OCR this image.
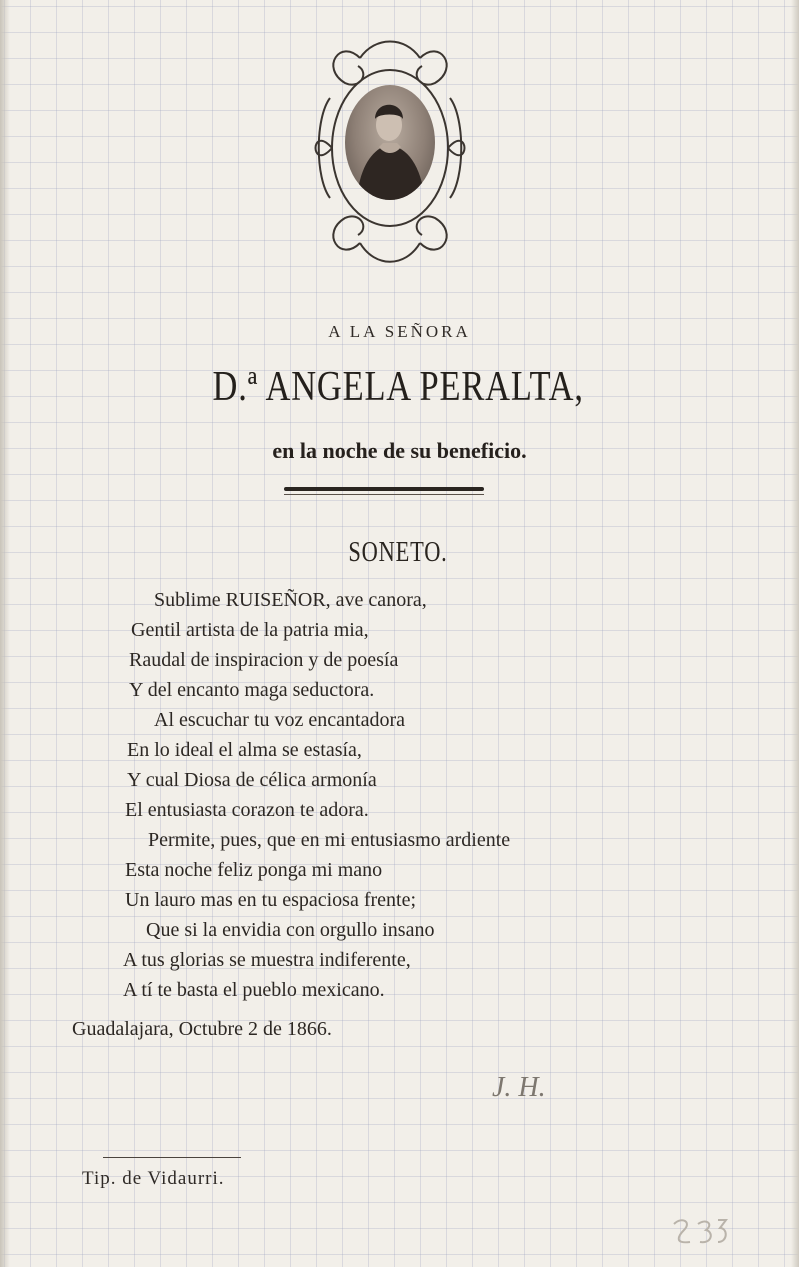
A LA SEÑORA
D.ª ANGELA PERALTA,
en la noche de su beneficio.
SONETO.
Sublime RUISEÑOR, ave canora,
Gentil artista de la patria mia,
Raudal de inspiracion y de poesía
Y del encanto maga seductora.
Al escuchar tu voz encantadora
En lo ideal el alma se estasía,
Y cual Diosa de célica armonía
El entusiasta corazon te adora.
Permite, pues, que en mi entusiasmo ardiente
Esta noche feliz ponga mi mano
Un lauro mas en tu espaciosa frente;
Que si la envidia con orgullo insano
A tus glorias se muestra indiferente,
A tí te basta el pueblo mexicano.
Guadalajara, Octubre 2 de 1866.
J. H.
Tip. de Vidaurri.
